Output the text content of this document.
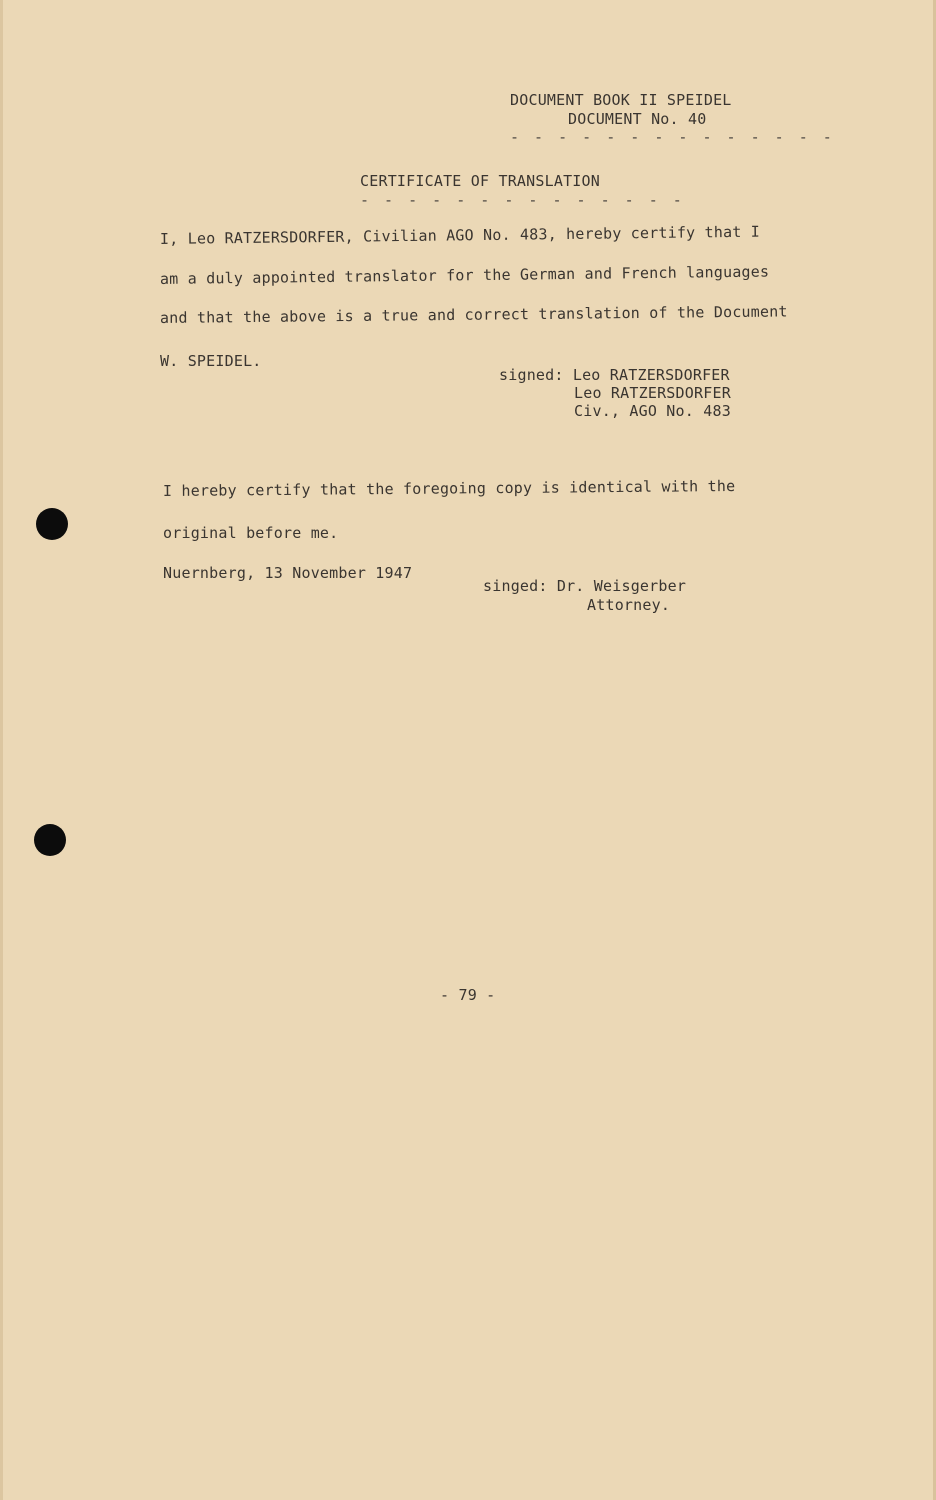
DOCUMENT BOOK II SPEIDEL
DOCUMENT No. 40
- - - - - - - - - - - - - -
CERTIFICATE OF TRANSLATION
- - - - - - - - - - - - - -
I, Leo RATZERSDORFER, Civilian AGO No. 483, hereby certify that I
am a duly appointed translator for the German and French languages
and that the above is a true and correct translation of the Document
W. SPEIDEL.
signed: Leo RATZERSDORFER
Leo RATZERSDORFER
Civ., AGO No. 483
I hereby certify that the foregoing copy is identical with the
original before me.
Nuernberg, 13 November 1947
singed: Dr. Weisgerber
Attorney.
- 79 -
